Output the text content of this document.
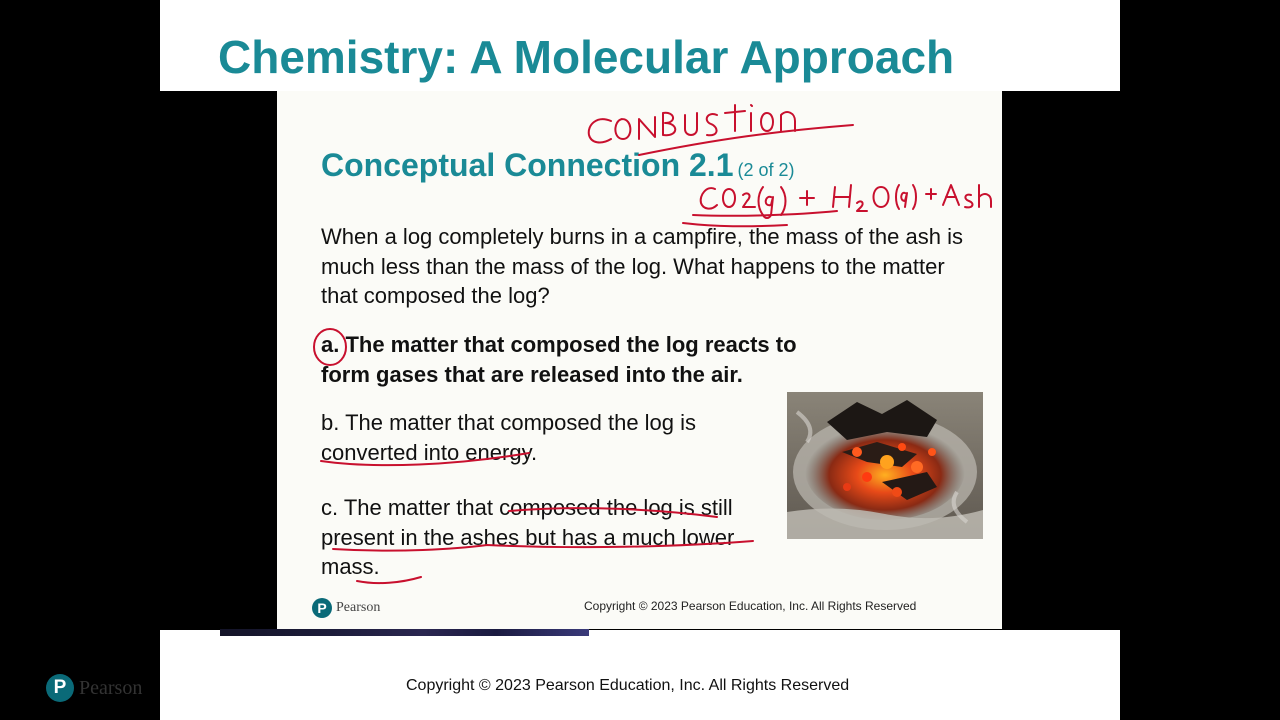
Chemistry: A Molecular Approach
Conceptual Connection 2.1 (2 of 2)

When a log completely burns in a campfire, the mass of the ash is much less than the mass of the log. What happens to the matter that composed the log?

a. The matter that composed the log reacts to form gases that are released into the air.

b. The matter that composed the log is converted into energy.

c. The matter that composed the log is still present in the ashes but has a much lower mass.

P Pearson	Copyright © 2023 Pearson Education, Inc. All Rights Reserved
P Pearson	Copyright © 2023 Pearson Education, Inc. All Rights Reserved
